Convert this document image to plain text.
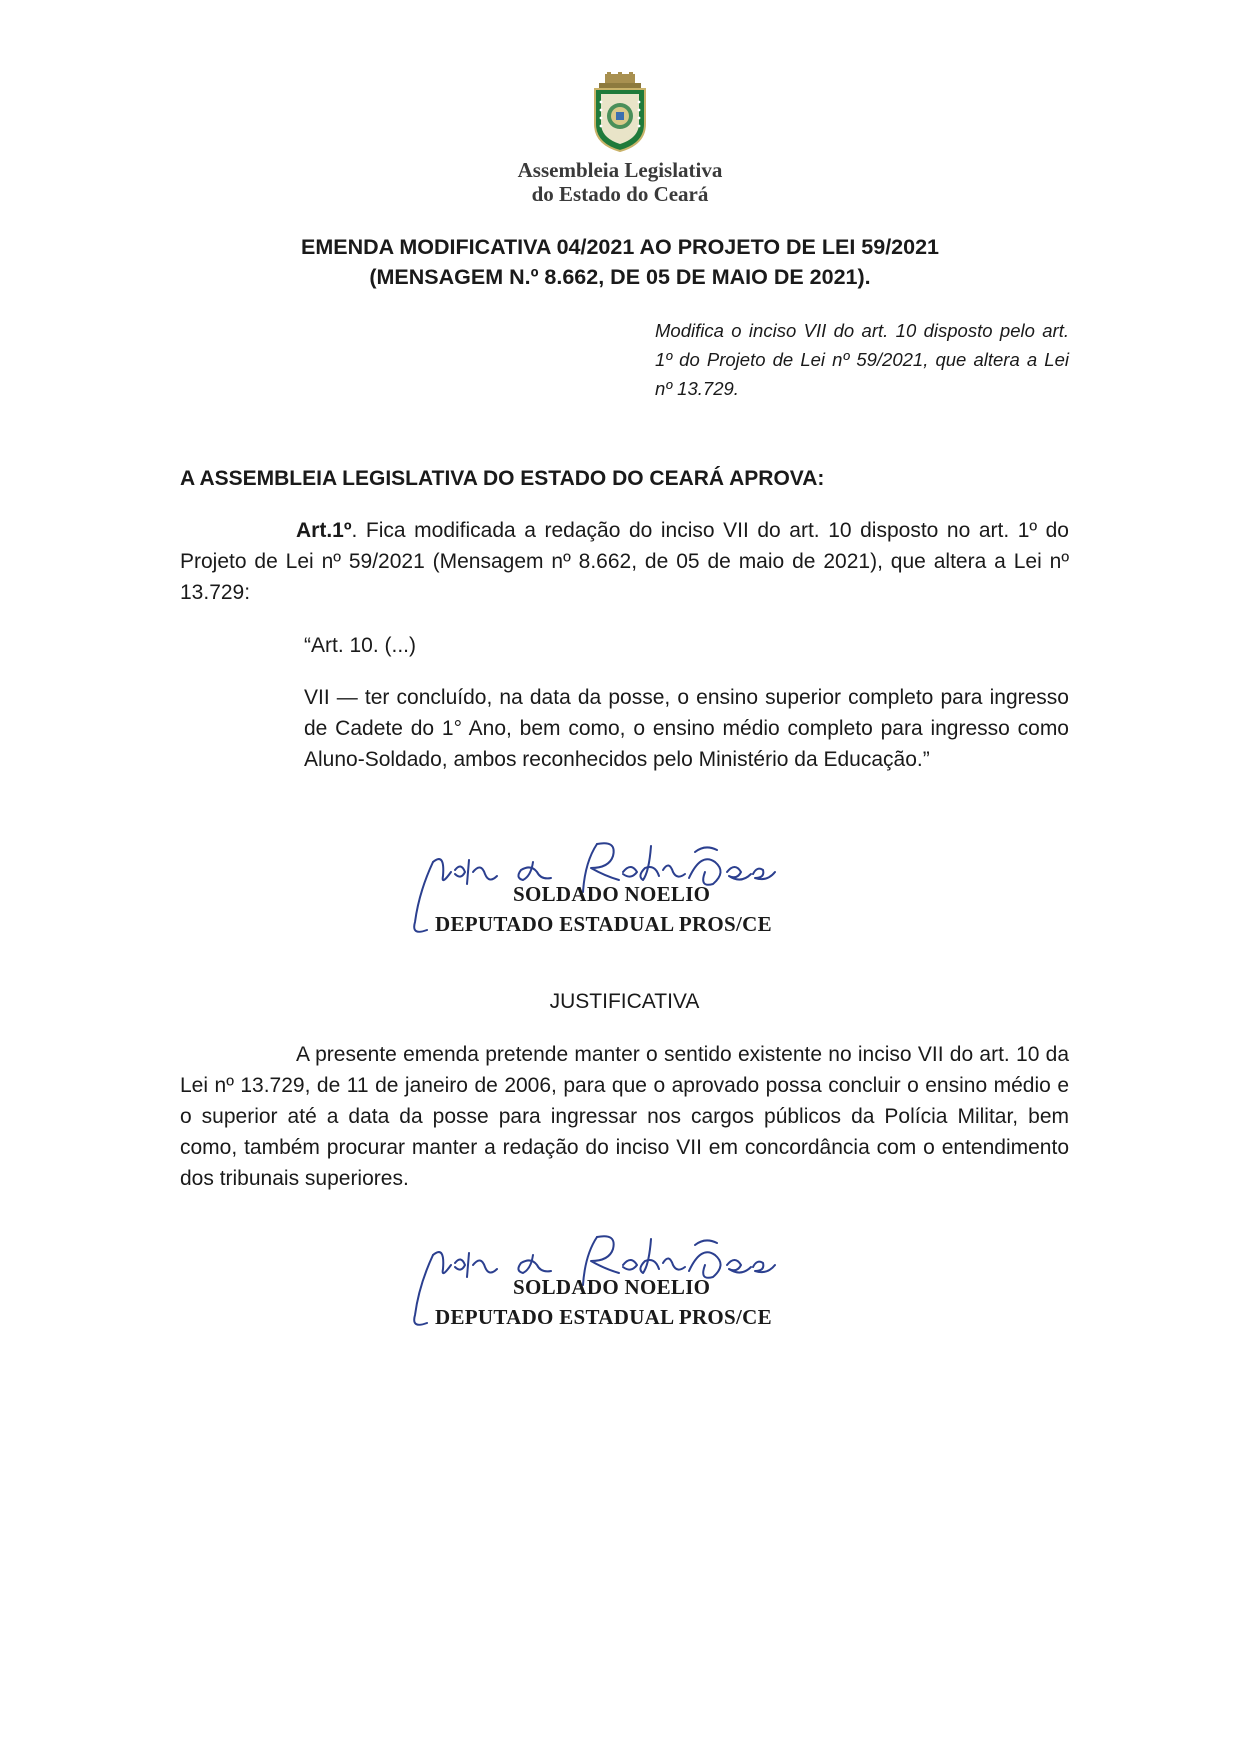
Assembleia Legislativa
do Estado do Ceará
EMENDA MODIFICATIVA 04/2021 AO PROJETO DE LEI 59/2021
(MENSAGEM N.º 8.662, DE 05 DE MAIO DE 2021).
Modifica o inciso VII do art. 10 disposto pelo art. 1º do Projeto de Lei nº 59/2021, que altera a Lei nº 13.729.
A ASSEMBLEIA LEGISLATIVA DO ESTADO DO CEARÁ APROVA:
Art.1º. Fica modificada a redação do inciso VII do art. 10 disposto no art. 1º do Projeto de Lei nº 59/2021 (Mensagem nº 8.662, de 05 de maio de 2021), que altera a Lei nº 13.729:
“Art. 10. (...)
VII — ter concluído, na data da posse, o ensino superior completo para ingresso de Cadete do 1° Ano, bem como, o ensino médio completo para ingresso como Aluno-Soldado, ambos reconhecidos pelo Ministério da Educação.”
SOLDADO NOELIO
DEPUTADO ESTADUAL PROS/CE
JUSTIFICATIVA
A presente emenda pretende manter o sentido existente no inciso VII do art. 10 da Lei nº 13.729, de 11 de janeiro de 2006, para que o aprovado possa concluir o ensino médio e o superior até a data da posse para ingressar nos cargos públicos da Polícia Militar, bem como, também procurar manter a redação do inciso VII em concordância com o entendimento dos tribunais superiores.
SOLDADO NOELIO
DEPUTADO ESTADUAL PROS/CE
